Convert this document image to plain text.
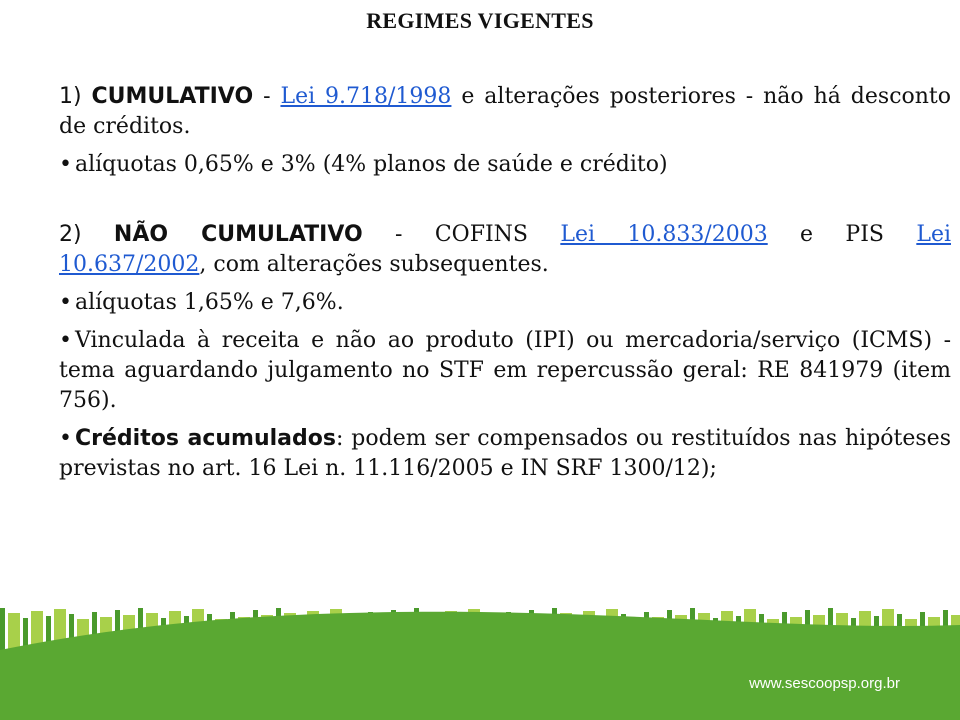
REGIMES VIGENTES

1) CUMULATIVO - Lei 9.718/1998 e alterações posteriores - não há desconto de créditos.

• alíquotas 0,65% e 3% (4% planos de saúde e crédito)

2) NÃO CUMULATIVO - COFINS Lei 10.833/2003 e PIS Lei

10.637/2002, com alterações subsequentes.

• alíquotas 1,65% e 7,6%.

• Vinculada à receita e não ao produto (IPI) ou mercadoria/serviço (ICMS) - tema aguardando julgamento no STF em repercussão geral: RE 841979 (item 756).

• Créditos acumulados: podem ser compensados ou restituídos nas hipóteses previstas no art. 16 Lei n. 11.116/2005 e IN SRF 1300/12);

www.sescoopsp.org.br
